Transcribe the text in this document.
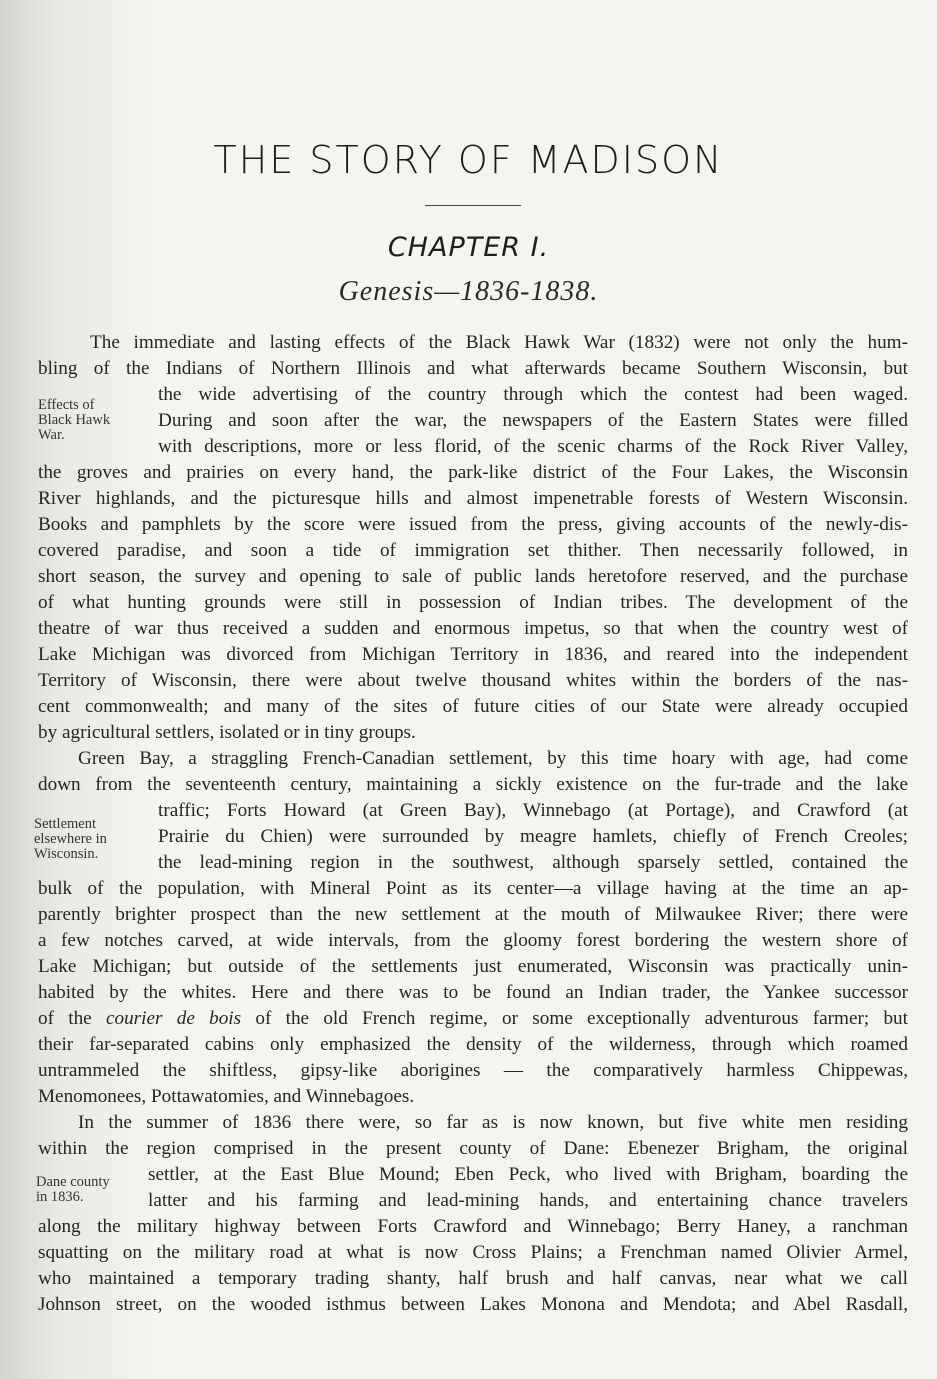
THE STORY OF MADISON
CHAPTER I.
Genesis—1836-1838.
Effects of
Black Hawk
War.
Settlement
elsewhere in
Wisconsin.
Dane county
in 1836.
The immediate and lasting effects of the Black Hawk War (1832) were not only the hum-
bling of the Indians of Northern Illinois and what afterwards became Southern Wisconsin, but
the wide advertising of the country through which the contest had been waged.
During and soon after the war, the newspapers of the Eastern States were filled
with descriptions, more or less florid, of the scenic charms of the Rock River Valley,
the groves and prairies on every hand, the park-like district of the Four Lakes, the Wisconsin
River highlands, and the picturesque hills and almost impenetrable forests of Western Wisconsin.
Books and pamphlets by the score were issued from the press, giving accounts of the newly-dis-
covered paradise, and soon a tide of immigration set thither. Then necessarily followed, in
short season, the survey and opening to sale of public lands heretofore reserved, and the purchase
of what hunting grounds were still in possession of Indian tribes. The development of the
theatre of war thus received a sudden and enormous impetus, so that when the country west of
Lake Michigan was divorced from Michigan Territory in 1836, and reared into the independent
Territory of Wisconsin, there were about twelve thousand whites within the borders of the nas-
cent commonwealth; and many of the sites of future cities of our State were already occupied
by agricultural settlers, isolated or in tiny groups.
Green Bay, a straggling French-Canadian settlement, by this time hoary with age, had come
down from the seventeenth century, maintaining a sickly existence on the fur-trade and the lake
traffic; Forts Howard (at Green Bay), Winnebago (at Portage), and Crawford (at
Prairie du Chien) were surrounded by meagre hamlets, chiefly of French Creoles;
the lead-mining region in the southwest, although sparsely settled, contained the
bulk of the population, with Mineral Point as its center—a village having at the time an ap-
parently brighter prospect than the new settlement at the mouth of Milwaukee River; there were
a few notches carved, at wide intervals, from the gloomy forest bordering the western shore of
Lake Michigan; but outside of the settlements just enumerated, Wisconsin was practically unin-
habited by the whites. Here and there was to be found an Indian trader, the Yankee successor
of the courier de bois of the old French regime, or some exceptionally adventurous farmer; but
their far-separated cabins only emphasized the density of the wilderness, through which roamed
untrammeled the shiftless, gipsy-like aborigines — the comparatively harmless Chippewas,
Menomonees, Pottawatomies, and Winnebagoes.
In the summer of 1836 there were, so far as is now known, but five white men residing
within the region comprised in the present county of Dane: Ebenezer Brigham, the original
settler, at the East Blue Mound; Eben Peck, who lived with Brigham, boarding the
latter and his farming and lead-mining hands, and entertaining chance travelers
along the military highway between Forts Crawford and Winnebago; Berry Haney, a ranchman
squatting on the military road at what is now Cross Plains; a Frenchman named Olivier Armel,
who maintained a temporary trading shanty, half brush and half canvas, near what we call
Johnson street, on the wooded isthmus between Lakes Monona and Mendota; and Abel Rasdall,
